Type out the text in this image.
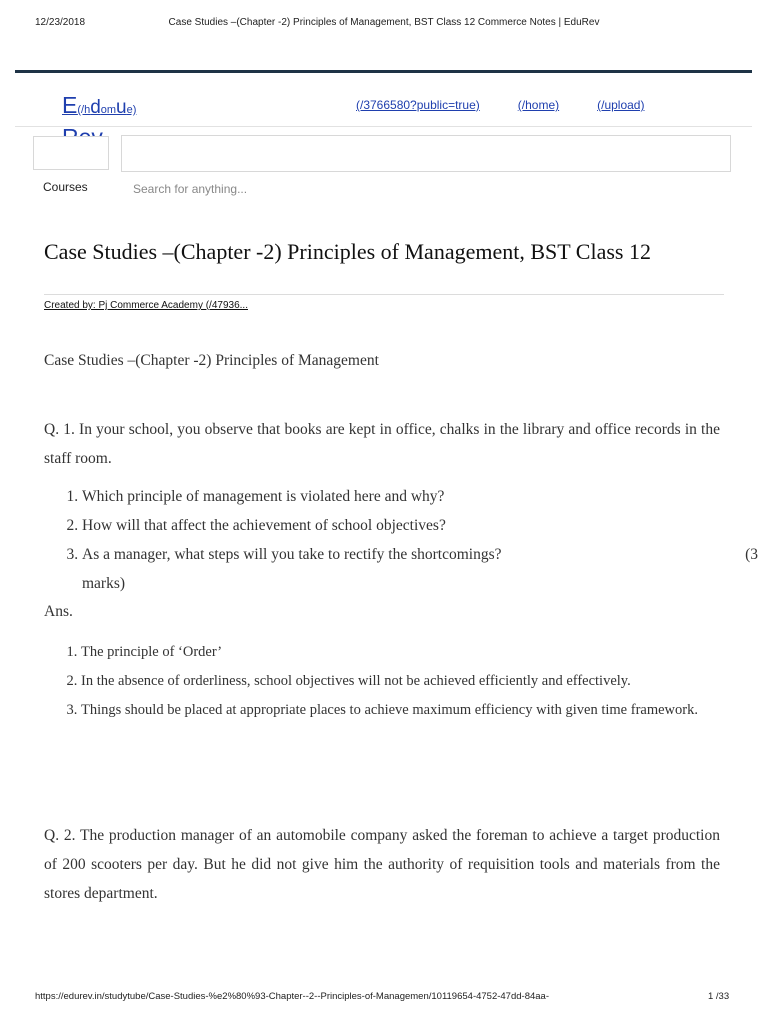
12/23/2018	Case Studies –(Chapter -2) Principles of Management, BST Class 12 Commerce Notes | EduRev
E(/hdomue)	(/3766580?public=true)	(/home)	(/upload)
Courses	Search for anything...
Case Studies –(Chapter -2) Principles of Management, BST Class 12
Created by: Pj Commerce Academy (/47936...
Case Studies –(Chapter -2) Principles of Management

Q. 1. In your school, you observe that books are kept in office, chalks in the library and office records in the staff room.

1. Which principle of management is violated here and why?
2. How will that affect the achievement of school objectives?
3. As a manager, what steps will you take to rectify the shortcomings?	(3
marks)
Ans.
1. The principle of ‘Order’
2. In the absence of orderliness, school objectives will not be achieved efficiently and effectively.
3. Things should be placed at appropriate places to achieve maximum efficiency with given time framework.

Q. 2. The production manager of an automobile company asked the foreman to achieve a target production of 200 scooters per day. But he did not give him the authority of requisition tools and materials from the stores department.

https://edurev.in/studytube/Case-Studies-%e2%80%93-Chapter--2--Principles-of-Managemen/10119654-4752-47dd-84aa-	1 /33
